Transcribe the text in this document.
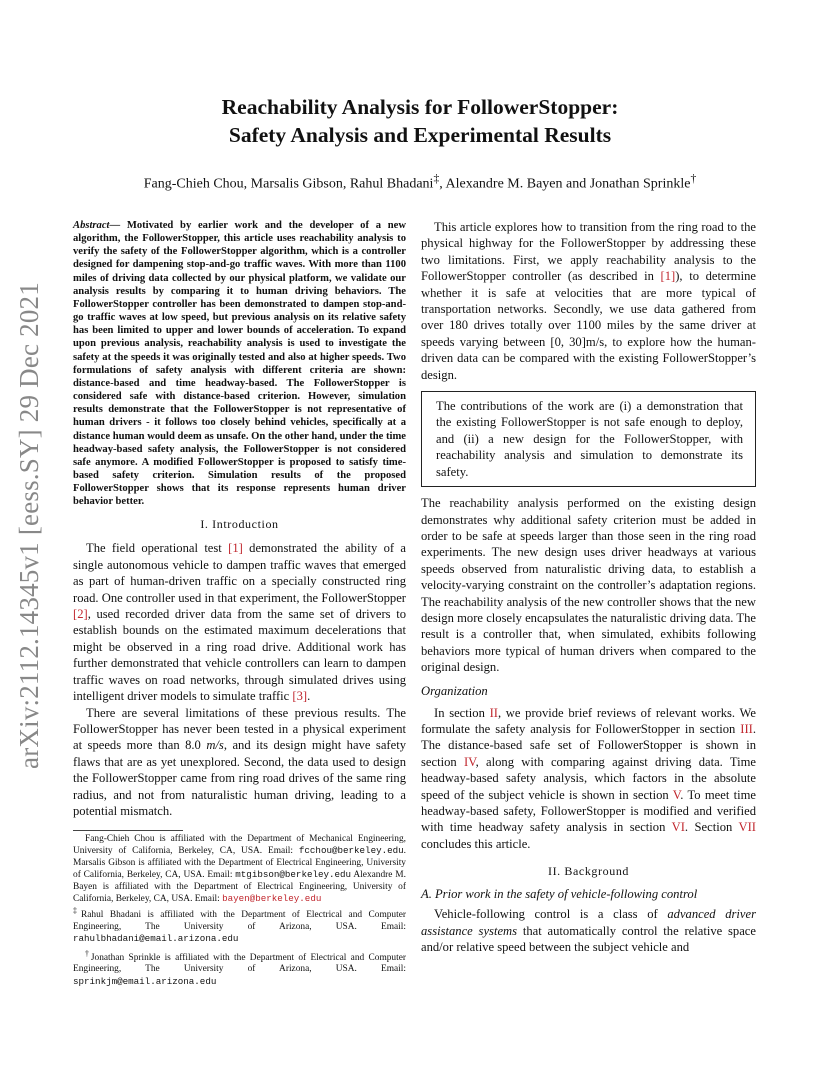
arXiv:2112.14345v1 [eess.SY] 29 Dec 2021
Reachability Analysis for FollowerStopper:
Safety Analysis and Experimental Results
Fang-Chieh Chou, Marsalis Gibson, Rahul Bhadani‡, Alexandre M. Bayen and Jonathan Sprinkle†

Abstract— Motivated by earlier work and the developer of a new algorithm, the FollowerStopper, this article uses reachability analysis to verify the safety of the FollowerStopper algorithm, which is a controller designed for dampening stop-and-go traffic waves. With more than 1100 miles of driving data collected by our physical platform, we validate our analysis results by comparing it to human driving behaviors. The FollowerStopper controller has been demonstrated to dampen stop-and-go traffic waves at low speed, but previous analysis on its relative safety has been limited to upper and lower bounds of acceleration. To expand upon previous analysis, reachability analysis is used to investigate the safety at the speeds it was originally tested and also at higher speeds. Two formulations of safety analysis with different criteria are shown: distance-based and time headway-based. The FollowerStopper is considered safe with distance-based criterion. However, simulation results demonstrate that the FollowerStopper is not representative of human drivers - it follows too closely behind vehicles, specifically at a distance human would deem as unsafe. On the other hand, under the time headway-based safety analysis, the FollowerStopper is not considered safe anymore. A modified FollowerStopper is proposed to satisfy time-based safety criterion. Simulation results of the proposed FollowerStopper shows that its response represents human driver behavior better.

I. Introduction

The field operational test [1] demonstrated the ability of a single autonomous vehicle to dampen traffic waves that emerged as part of human-driven traffic on a specially constructed ring road. One controller used in that experiment, the FollowerStopper [2], used recorded driver data from the same set of drivers to establish bounds on the estimated maximum decelerations that might be observed in a ring road drive. Additional work has further demonstrated that vehicle controllers can learn to dampen traffic waves on road networks, through simulated drives using intelligent driver models to simulate traffic [3].

There are several limitations of these previous results. The FollowerStopper has never been tested in a physical experiment at speeds more than 8.0 m/s, and its design might have safety flaws that are as yet unexplored. Second, the data used to design the FollowerStopper came from ring road drives of the same ring radius, and not from naturalistic human driving, leading to a potential mismatch.

Fang-Chieh Chou is affiliated with the Department of Mechanical Engineering, University of California, Berkeley, CA, USA. Email: fcchou@berkeley.edu. Marsalis Gibson is affiliated with the Department of Electrical Engineering, University of California, Berkeley, CA, USA. Email: mtgibson@berkeley.edu Alexandre M. Bayen is affiliated with the Department of Electrical Engineering, University of California, Berkeley, CA, USA. Email: bayen@berkeley.edu

‡Rahul Bhadani is affiliated with the Department of Electrical and Computer Engineering, The University of Arizona, USA. Email: rahulbhadani@email.arizona.edu

†Jonathan Sprinkle is affiliated with the Department of Electrical and Computer Engineering, The University of Arizona, USA. Email: sprinkjm@email.arizona.edu

This article explores how to transition from the ring road to the physical highway for the FollowerStopper by addressing these two limitations. First, we apply reachability analysis to the FollowerStopper controller (as described in [1]), to determine whether it is safe at velocities that are more typical of transportation networks. Secondly, we use data gathered from over 180 drives totally over 1100 miles by the same driver at speeds varying between [0, 30]m/s, to explore how the human-driven data can be compared with the existing FollowerStopper’s design.

The contributions of the work are (i) a demonstration that the existing FollowerStopper is not safe enough to deploy, and (ii) a new design for the FollowerStopper, with reachability analysis and simulation to demonstrate its safety.

The reachability analysis performed on the existing design demonstrates why additional safety criterion must be added in order to be safe at speeds larger than those seen in the ring road experiments. The new design uses driver headways at various speeds observed from naturalistic driving data, to establish a velocity-varying constraint on the controller’s adaptation regions. The reachability analysis of the new controller shows that the new design more closely encapsulates the naturalistic driving data. The result is a controller that, when simulated, exhibits following behaviors more typical of human drivers when compared to the original design.

Organization

In section II, we provide brief reviews of relevant works. We formulate the safety analysis for FollowerStopper in section III. The distance-based safe set of FollowerStopper is shown in section IV, along with comparing against driving data. Time headway-based safety analysis, which factors in the absolute speed of the subject vehicle is shown in section V. To meet time headway-based safety, FollowerStopper is modified and verified with time headway safety analysis in section VI. Section VII concludes this article.

II. Background
A. Prior work in the safety of vehicle-following control

Vehicle-following control is a class of advanced driver assistance systems that automatically control the relative space and/or relative speed between the subject vehicle and
